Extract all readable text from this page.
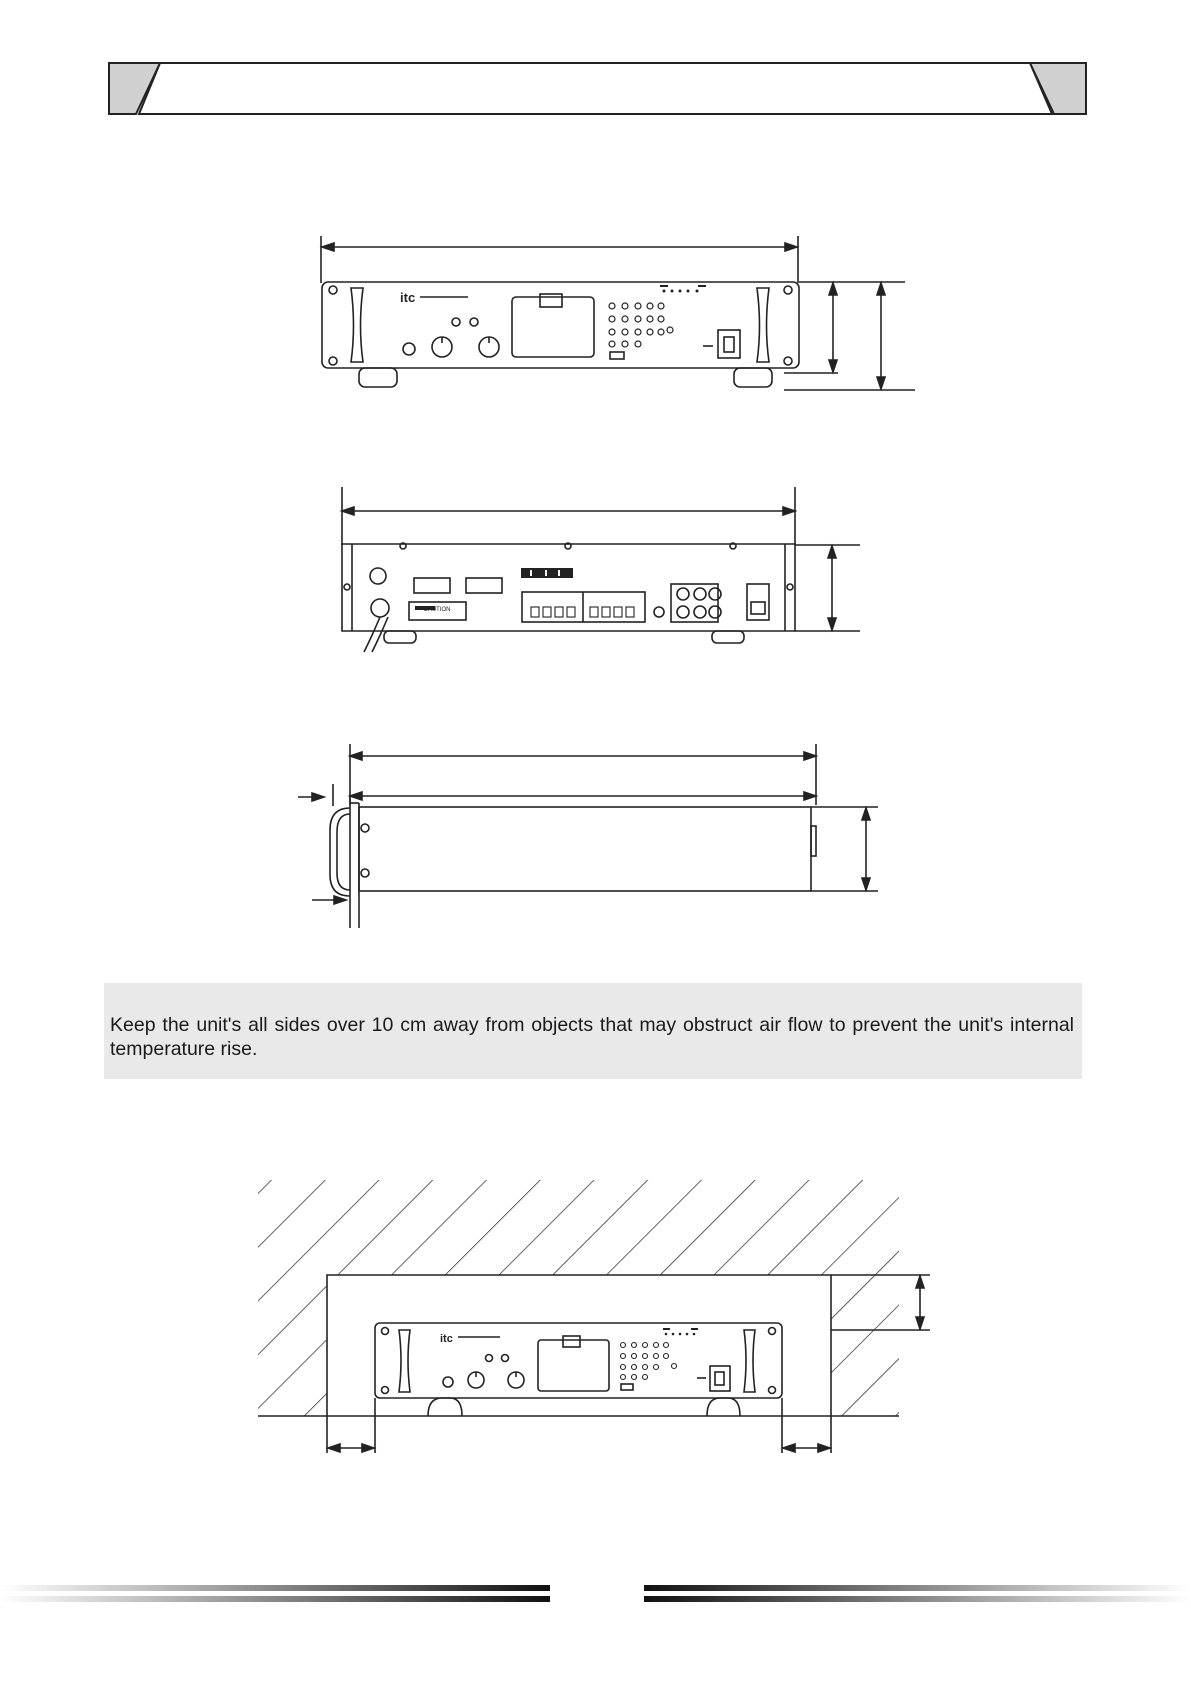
itc
CAUTION

Keep the unit's all sides over 10 cm away from objects that may obstruct air flow to prevent the unit's internal temperature rise.

itc
